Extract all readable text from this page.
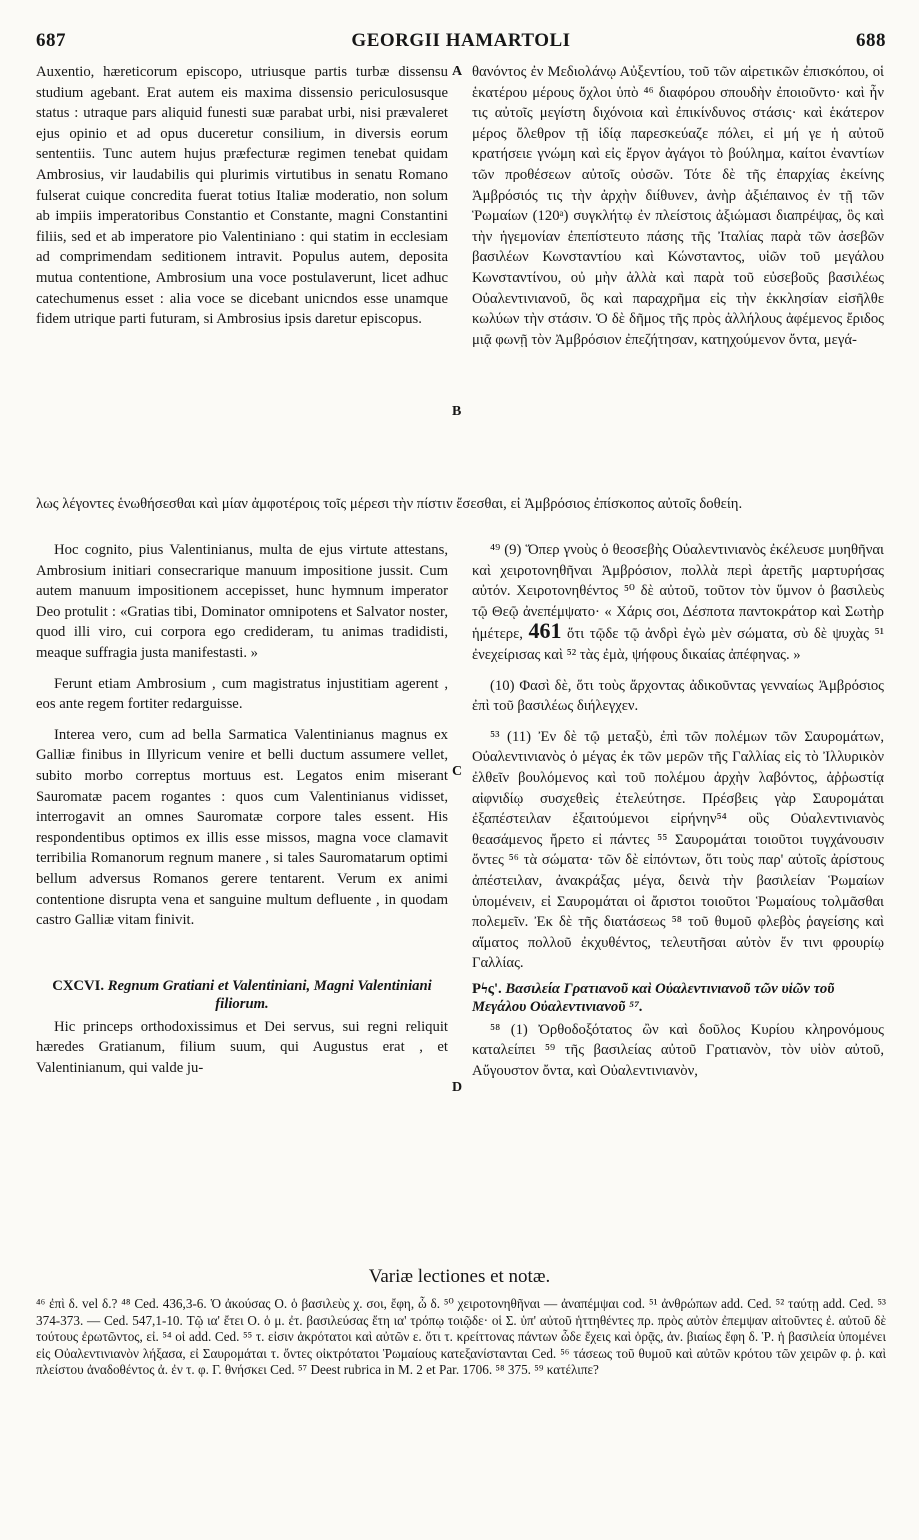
GEORGII HAMARTOLI
687	688

Auxentio, hæreticorum episcopo, utriusque partis turbæ dissensu studium agebant. Erat autem eis maxima dissensio periculosusque status : utraque pars aliquid funesti suæ parabat urbi, nisi prævaleret ejus opinio et ad opus duceretur consilium, in diversis eorum sententiis. Tunc autem hujus præfecturæ regimen tenebat quidam Ambrosius, vir laudabilis qui plurimis virtutibus in senatu Romano fulserat cuique concredita fuerat totius Italiæ moderatio, non solum ab impiis imperatoribus Constantio et Constante, magni Constantini filiis, sed et ab imperatore pio Valentiniano : qui statim in ecclesiam ad comprimendam seditionem intravit. Populus autem, deposita mutua contentione, Ambrosium una voce postulaverunt, licet adhuc catechumenus esset : alia voce se dicebant unicndos esse unamque fidem utrique parti futuram, si Ambrosius ipsis daretur episcopus.

θανόντος ἐν Μεδιολάνῳ Αὐξεντίου, τοῦ τῶν αἱρετικῶν ἐπισκόπου, οἱ ἑκατέρου μέρους ὄχλοι ὑπὸ ⁴⁶ διαφόρου σπουδὴν ἐποιοῦντο· καὶ ἦν τις αὐτοῖς μεγίστη διχόνοια καὶ ἐπικίνδυνος στάσις· καὶ ἑκάτερον μέρος ὄλεθρον τῇ ἰδίᾳ παρεσκεύαζε πόλει, εἰ μή γε ἡ αὐτοῦ κρατήσειε γνώμη καὶ εἰς ἔργον ἀγάγοι τὸ βούλημα, καίτοι ἐναντίων τῶν προθέσεων αὐτοῖς οὐσῶν. Τότε δὲ τῆς ἐπαρχίας ἐκείνης Ἀμβρόσιός τις τὴν ἀρχὴν διίθυνεν, ἀνὴρ ἀξιέπαινος ἐν τῇ τῶν Ῥωμαίων (120ᵃ) συγκλήτῳ ἐν πλείστοις ἀξιώμασι διαπρέψας, ὃς καὶ τὴν ἡγεμονίαν ἐπεπίστευτο πάσης τῆς Ἰταλίας παρὰ τῶν ἀσεβῶν βασιλέων Κωνσταντίου καὶ Κώνσταντος, υἱῶν τοῦ μεγάλου Κωνσταντίνου, οὐ μὴν ἀλλὰ καὶ παρὰ τοῦ εὐσεβοῦς βασιλέως Οὐαλεντινιανοῦ, ὃς καὶ παραχρῆμα εἰς τὴν ἐκκλησίαν εἰσῆλθε κωλύων τὴν στάσιν. Ὁ δὲ δῆμος τῆς πρὸς ἀλλήλους ἀφέμενος ἔριδος μιᾷ φωνῇ τὸν Ἀμβρόσιον ἐπεζήτησαν, κατηχούμενον ὄντα, μεγά-

A
B
C
D
λως λέγοντες ἑνωθήσεσθαι καὶ μίαν ἀμφοτέροις τοῖς μέρεσι τὴν πίστιν ἔσεσθαι, εἰ Ἀμβρόσιος ἐπίσκοπος αὐτοῖς δοθείη.

Hoc cognito, pius Valentinianus, multa de ejus virtute attestans, Ambrosium initiari consecrarique manuum impositione jussit. Cum autem manuum impositionem accepisset, hunc hymnum imperator Deo protulit : «Gratias tibi, Dominator omnipotens et Salvator noster, quod illi viro, cui corpora ego credideram, tu animas tradidisti, meaque suffragia justa manifestasti. »

Ferunt etiam Ambrosium , cum magistratus injustitiam agerent , eos ante regem fortiter redarguisse.

Interea vero, cum ad bella Sarmatica Valentinianus magnus ex Galliæ finibus in Illyricum venire et belli ductum assumere vellet, subito morbo correptus mortuus est. Legatos enim miserant Sauromatæ pacem rogantes : quos cum Valentinianus vidisset, interrogavit an omnes Sauromatæ corpore tales essent. His respondentibus optimos ex illis esse missos, magna voce clamavit terribilia Romanorum regnum manere , si tales Sauromatarum optimi bellum adversus Romanos gerere tentarent. Verum ex animi contentione disrupta vena et sanguine multum defluente , in quodam castro Galliæ vitam finivit.

CXCVI. Regnum Gratiani et Valentiniani, Magni Valentiniani filiorum.

Hic princeps orthodoxissimus et Dei servus, sui regni reliquit hæredes Gratianum, filium suum, qui Augustus erat , et Valentinianum, qui valde ju-

⁴⁹ (9) Ὅπερ γνοὺς ὁ θεοσεβὴς Οὐαλεντινιανὸς ἐκέλευσε μυηθῆναι καὶ χειροτονηθῆναι Ἀμβρόσιον, πολλὰ περὶ ἀρετῆς μαρτυρήσας αὐτόν. Χειροτονηθέντος ⁵⁰ δὲ αὐτοῦ, τοῦτον τὸν ὕμνον ὁ βασιλεὺς τῷ Θεῷ ἀνεπέμψατο· « Χάρις σοι, Δέσποτα παντοκράτορ καὶ Σωτὴρ ἡμέτερε, 461 ὅτι τῷδε τῷ ἀνδρὶ ἐγὼ μὲν σώματα, σὺ δὲ ψυχὰς ⁵¹ ἐνεχείρισας καὶ ⁵² τὰς ἐμὰ, ψήφους δικαίας ἀπέφηνας. »

(10) Φασὶ δὲ, ὅτι τοὺς ἄρχοντας ἀδικοῦντας γενναίως Ἀμβρόσιος ἐπὶ τοῦ βασιλέως διήλεγχεν.

⁵³ (11) Ἐν δὲ τῷ μεταξὺ, ἐπὶ τῶν πολέμων τῶν Σαυρομάτων, Οὐαλεντινιανὸς ὁ μέγας ἐκ τῶν μερῶν τῆς Γαλλίας εἰς τὸ Ἰλλυρικὸν ἐλθεῖν βουλόμενος καὶ τοῦ πολέμου ἀρχὴν λαβόντος, ἀῤῥωστίᾳ αἰφνιδίῳ συσχεθεὶς ἐτελεύτησε. Πρέσβεις γὰρ Σαυρομάται ἐξαπέστειλαν ἐξαιτούμενοι εἰρήνην⁵⁴ οὓς Οὐαλεντινιανὸς θεασάμενος ἤρετο εἰ πάντες ⁵⁵ Σαυρομάται τοιοῦτοι τυγχάνουσιν ὄντες ⁵⁶ τὰ σώματα· τῶν δὲ εἰπόντων, ὅτι τοὺς παρ' αὐτοῖς ἀρίστους ἀπέστειλαν, ἀνακράξας μέγα, δεινὰ τὴν βασιλείαν Ῥωμαίων ὑπομένειν, εἰ Σαυρομάται οἱ ἄριστοι τοιοῦτοι Ῥωμαίους τολμᾶσθαι πολεμεῖν. Ἐκ δὲ τῆς διατάσεως ⁵⁸ τοῦ θυμοῦ φλεβὸς ῥαγείσης καὶ αἵματος πολλοῦ ἐκχυθέντος, τελευτῆσαι αὐτὸν ἔν τινι φρουρίῳ Γαλλίας.

Ρϟς'. Βασιλεία Γρατιανοῦ καὶ Οὐαλεντινιανοῦ τῶν υἱῶν τοῦ Μεγάλου Οὐαλεντινιανοῦ ⁵⁷.

⁵⁸ (1) Ὀρθοδοξότατος ὢν καὶ δοῦλος Κυρίου κληρονόμους καταλείπει ⁵⁹ τῆς βασιλείας αὐτοῦ Γρατιανὸν, τὸν υἱὸν αὐτοῦ, Αὔγουστον ὄντα, καὶ Οὐαλεντινιανὸν,

Variæ lectiones et notæ.
⁴⁶ ἐπὶ δ. vel δ.? ⁴⁸ Ced. 436,3-6. Ὁ ἀκούσας Ο. ὁ βασιλεὺς χ. σοι, ἔφη, ὦ δ. ⁵⁰ χειροτονηθῆναι — ἀναπέμψαι cod. ⁵¹ ἀνθρώπων add. Ced. ⁵² ταύτῃ add. Ced. ⁵³ 374-373. — Ced. 547,1-10. Τῷ ια' ἔτει Ο. ὁ μ. ἐτ. βασιλεύσας ἔτη ια' τρόπῳ τοιῷδε· οἱ Σ. ὑπ' αὐτοῦ ἡττηθέντες πρ. πρὸς αὐτὸν ἐπεμψαν αἰτοῦντες ἐ. αὐτοῦ δὲ τούτους ἐρωτῶντος, εἰ. ⁵⁴ οἱ add. Ced. ⁵⁵ τ. εἰσιν ἀκρότατοι καὶ αὐτῶν ε. ὅτι τ. κρείττονας πάντων ὧδε ἔχεις καὶ ὁρᾷς, ἀν. βιαίως ἔφη δ. Ῥ. ἡ βασιλεία ὑπομένει εἰς Οὐαλεντινιανὸν λήξασα, εἰ Σαυρομάται τ. ὄντες οἰκτρότατοι Ῥωμαίους κατεξανίστανται Ced. ⁵⁶ τάσεως τοῦ θυμοῦ καὶ αὐτῶν κρότου τῶν χειρῶν φ. ῥ. καὶ πλείστου ἀναδοθέντος ἀ. ἐν τ. φ. Γ. θνήσκει Ced. ⁵⁷ Deest rubrica in M. 2 et Par. 1706. ⁵⁸ 375. ⁵⁹ κατέλιπε?
